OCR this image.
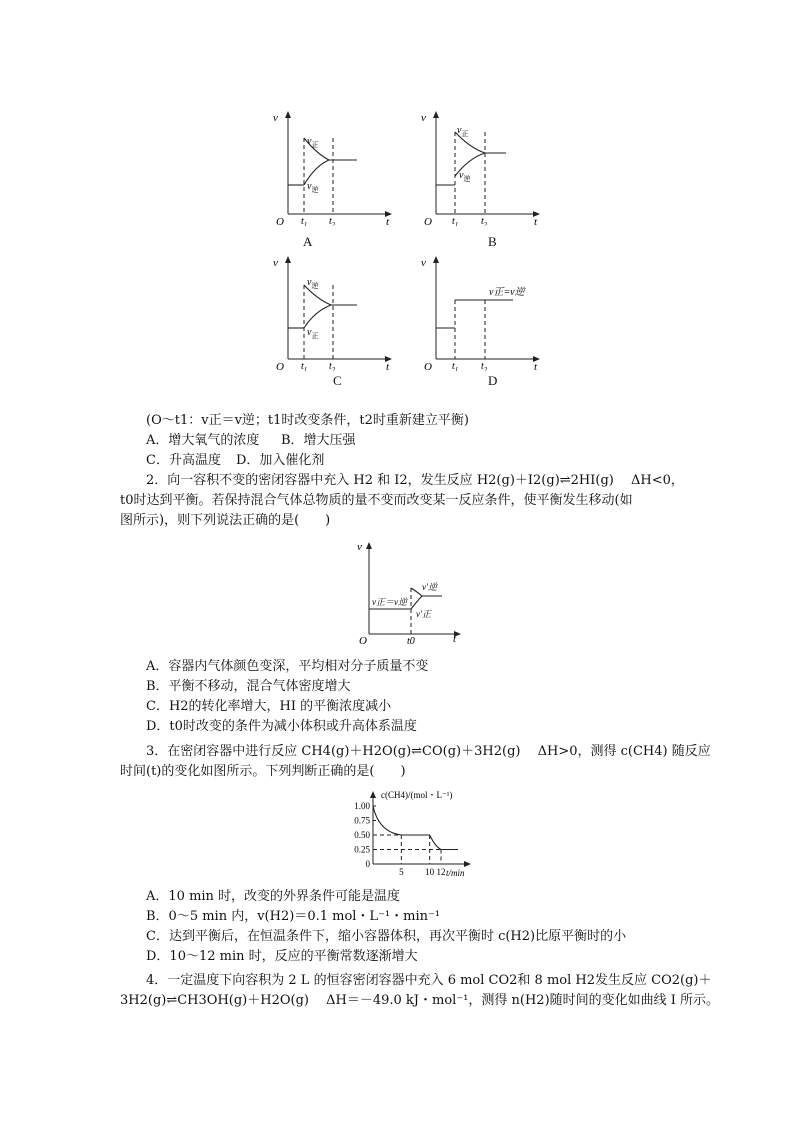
v
t
O $t_1$ $t_2$
$v_正$
$v_逆$
A
v
t
O $t_1$ $t_2$
$v_正$
$v_逆$
B
v
t
O $t_1$ $t_2$
$v_逆$
$v_正$
C
v
t
O $t_1$ $t_2$
v正=v逆
D
(O～t1：v正＝v逆；t1时改变条件，t2时重新建立平衡)
A．增大氧气的浓度 B．增大压强
C．升高温度 D．加入催化剂
2．向一容积不变的密闭容器中充入 H2 和 I2，发生反应 H2(g)＋I2(g)⇌2HI(g)　 ΔH<0，
t0时达到平衡。若保持混合气体总物质的量不变而改变某一反应条件，使平衡发生移动(如
图所示)，则下列说法正确的是(　　)
v
t
O	t0
v正＝v逆
v′逆
v′正
A．容器内气体颜色变深，平均相对分子质量不变
B．平衡不移动，混合气体密度增大
C．H2的转化率增大，HI 的平衡浓度减小
D．t0时改变的条件为减小体积或升高体系温度
3．在密闭容器中进行反应 CH4(g)＋H2O(g)⇌CO(g)＋3H2(g)　 ΔH>0，测得 c(CH4) 随反应
时间(t)的变化如图所示。下列判断正确的是(　　)
c(CH4)/(mol・L⁻¹)
t/min
0
0.25
0.50
0.75
1.00
5 10 12
A．10 min 时，改变的外界条件可能是温度
B．0～5 min 内，v(H2)＝0.1 mol・L⁻¹・min⁻¹
C．达到平衡后，在恒温条件下，缩小容器体积，再次平衡时 c(H2)比原平衡时的小
D．10～12 min 时，反应的平衡常数逐渐增大
4．一定温度下向容积为 2 L 的恒容密闭容器中充入 6 mol CO2和 8 mol H2发生反应 CO2(g)＋
3H2(g)⇌CH3OH(g)＋H2O(g)　 ΔH＝－49.0 kJ・mol⁻¹，测得 n(H2)随时间的变化如曲线 Ⅰ 所示。
